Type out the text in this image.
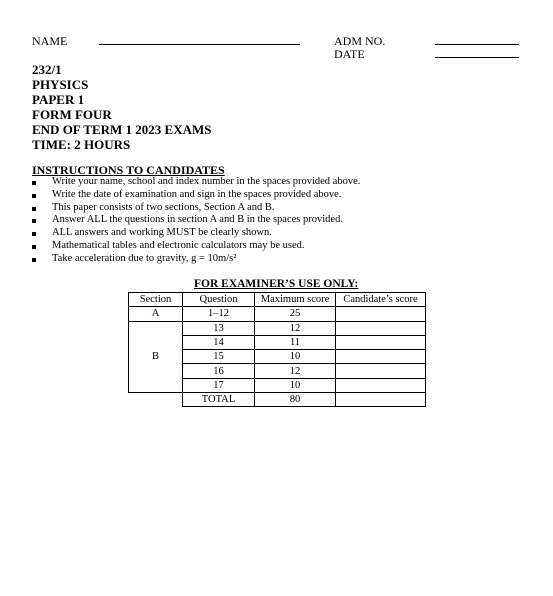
NAME	ADM NO.
DATE
232/1
PHYSICS
PAPER 1
FORM FOUR
END OF TERM 1 2023 EXAMS
TIME: 2 HOURS
INSTRUCTIONS TO CANDIDATES
Write your name, school and index number in the spaces provided above.
Write the date of examination and sign in the spaces provided above.
This paper consists of two sections, Section A and B.
Answer ALL the questions in section A and B in the spaces provided.
ALL answers and working MUST be clearly shown.
Mathematical tables and electronic calculators may be used.
Take acceleration due to gravity, g = 10m/s²
FOR EXAMINER’S USE ONLY:
Section	Question	Maximum score	Candidate’s score
A	1–12	25	
B	13	12	
	14	11	
	15	10	
	16	12	
	17	10	
	TOTAL	80	
